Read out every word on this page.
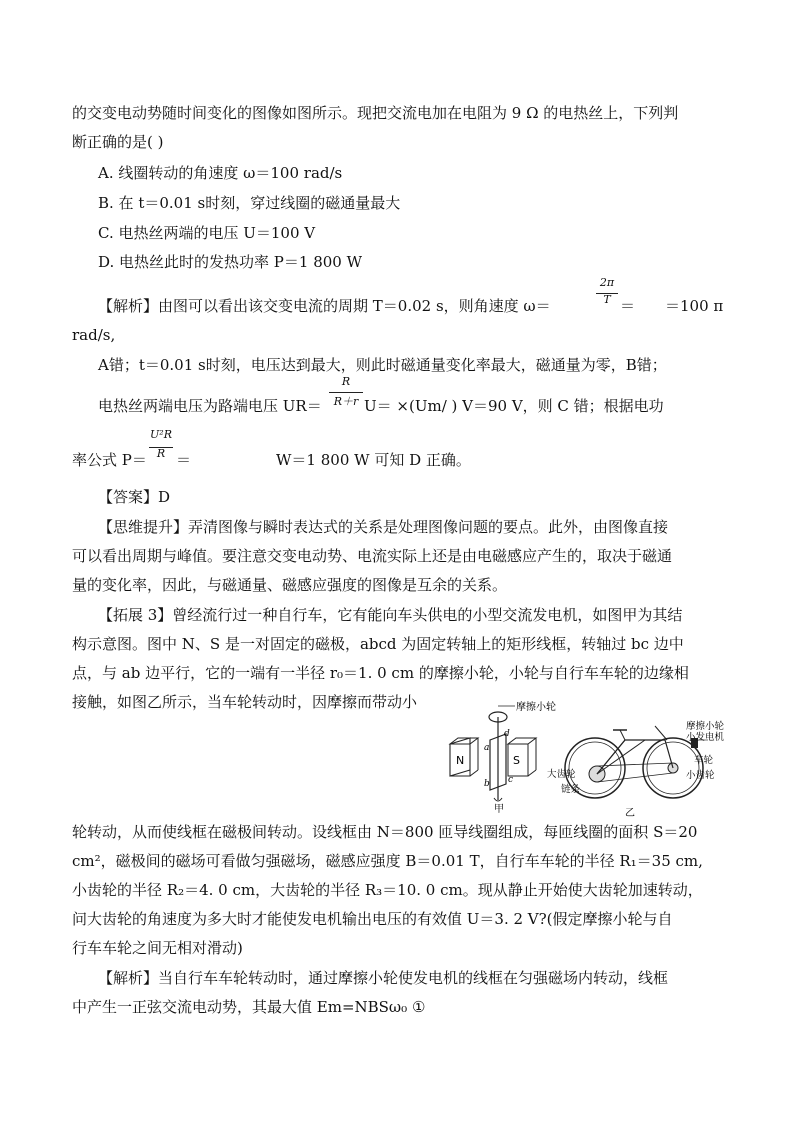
的交变电动势随时间变化的图像如图所示。现把交流电加在电阻为 9 Ω 的电热丝上，下列判
断正确的是( )
A. 线圈转动的角速度 ω＝100 rad/s
B. 在 t＝0.01 s时刻，穿过线圈的磁通量最大
C. 电热丝两端的电压 U＝100 V
D. 电热丝此时的发热功率 P＝1 800 W
【解析】由图可以看出该交变电流的周期 T＝0.02 s，则角速度 ω＝
2π
T ＝ ＝100 π
rad/s,
A错；t＝0.01 s时刻，电压达到最大，则此时磁通量变化率最大，磁通量为零，B错；
电热丝两端电压为路端电压 UR＝
R
R＋r U＝ ×(Um/ ) V＝90 V，则 C 错；根据电功
率公式 P＝
U²R
R ＝	W＝1 800 W 可知 D 正确。
【答案】D
【思维提升】弄清图像与瞬时表达式的关系是处理图像问题的要点。此外，由图像直接
可以看出周期与峰值。要注意交变电动势、电流实际上还是由电磁感应产生的，取决于磁通
量的变化率，因此，与磁通量、磁感应强度的图像是互余的关系。
【拓展 3】曾经流行过一种自行车，它有能向车头供电的小型交流发电机，如图甲为其结
构示意图。图中 N、S 是一对固定的磁极，abcd 为固定转轴上的矩形线框，转轴过 bc 边中
点，与 ab 边平行，它的一端有一半径 r₀＝1. 0 cm 的摩擦小轮，小轮与自行车车轮的边缘相
接触，如图乙所示，当车轮转动时，因摩擦而带动小	摩擦小轮
N	S
a
b c
d
甲
摩擦小轮
小发电机
车轮
小齿轮
大齿轮
链条
乙
轮转动，从而使线框在磁极间转动。设线框由 N＝800 匝导线圈组成，每匝线圈的面积 S＝20
cm²，磁极间的磁场可看做匀强磁场，磁感应强度 B＝0.01 T，自行车车轮的半径 R₁＝35 cm,
小齿轮的半径 R₂＝4. 0 cm，大齿轮的半径 R₃＝10. 0 cm。现从静止开始使大齿轮加速转动，
问大齿轮的角速度为多大时才能使发电机输出电压的有效值 U＝3. 2 V?(假定摩擦小轮与自
行车车轮之间无相对滑动)
【解析】当自行车车轮转动时，通过摩擦小轮使发电机的线框在匀强磁场内转动，线框
中产生一正弦交流电动势，其最大值 Em=NBSω₀ ①
